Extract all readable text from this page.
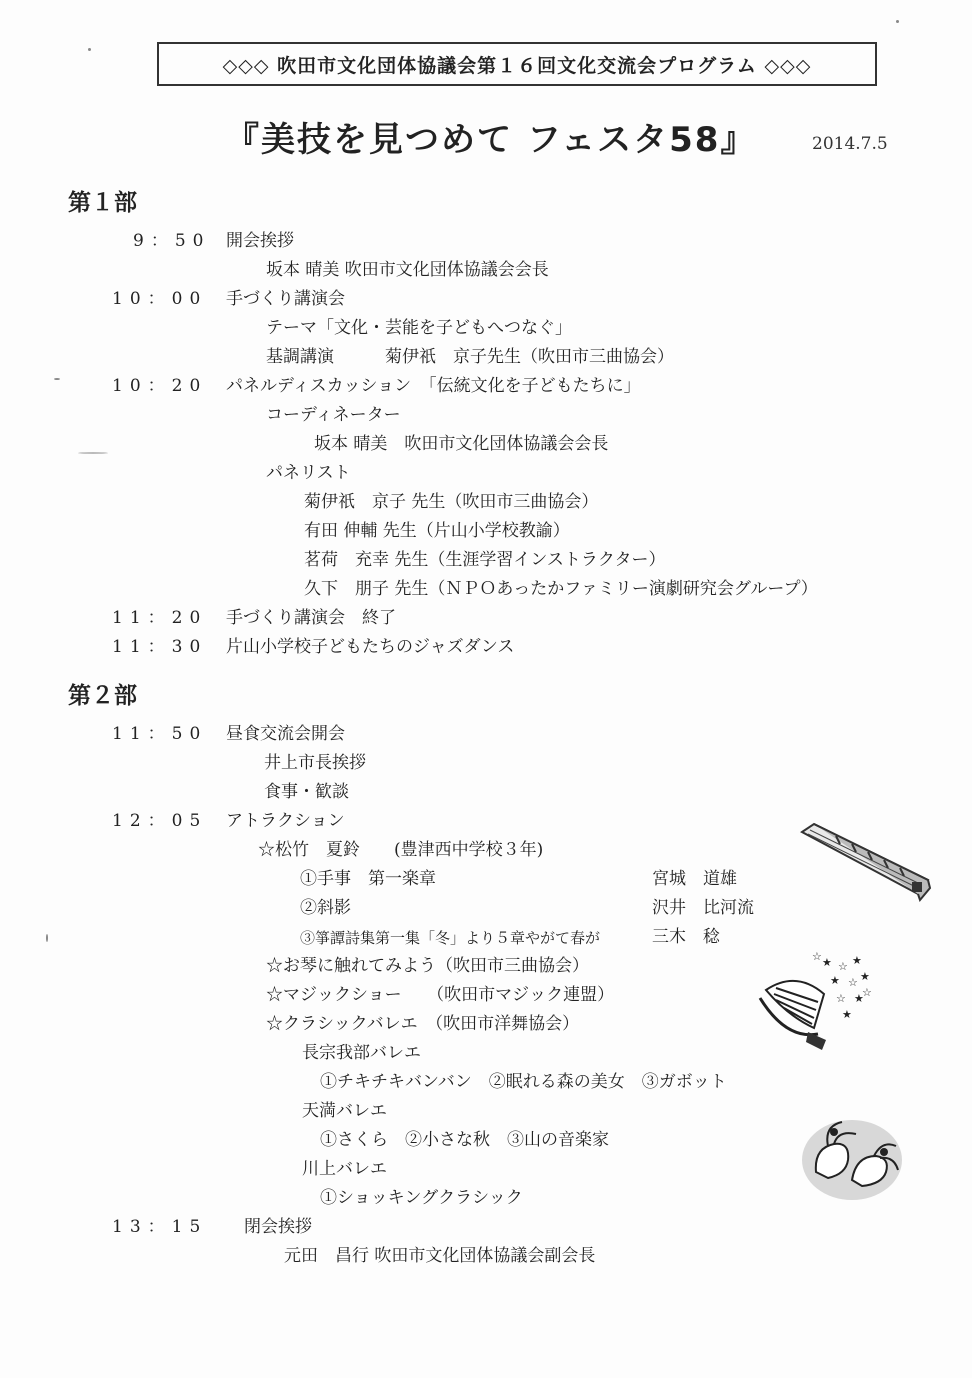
◇◇◇ 吹田市文化団体協議会第１６回文化交流会プログラム ◇◇◇
『美技を見つめて フェスタ58』	2014.7.5
第１部
9：50 開会挨拶
坂本 晴美 吹田市文化団体協議会会長
10：00 手づくり講演会
テーマ「文化・芸能を子どもへつなぐ」
基調講演　　　菊伊祇　京子先生（吹田市三曲協会）
10：20 パネルディスカッション　「伝統文化を子どもたちに」
コーディネーター
坂本 晴美　吹田市文化団体協議会会長
パネリスト
菊伊祇　京子 先生（吹田市三曲協会）
有田 伸輔 先生（片山小学校教諭）
茗荷　充幸 先生（生涯学習インストラクター）
久下　朋子 先生（ＮＰＯあったかファミリー演劇研究会グループ）
11：20 手づくり講演会　終了
11：30 片山小学校子どもたちのジャズダンス
第２部
11：50 昼食交流会開会
井上市長挨拶
食事・歓談
12：05 アトラクション
☆松竹　夏鈴　　(豊津西中学校３年)
①手事　第一楽章	宮城　道雄
②斜影	沢井　比河流
③箏譚詩集第一集「冬」より５章やがて春が	三木　稔
☆お琴に触れてみよう（吹田市三曲協会）
☆マジックショー　　（吹田市マジック連盟）
☆クラシックバレエ　（吹田市洋舞協会）
長宗我部バレエ
①チキチキバンバン　②眠れる森の美女　③ガボット
天満バレエ
①さくら　②小さな秋　③山の音楽家
川上バレエ
①ショッキングクラシック
13：15 閉会挨拶
元田　昌行 吹田市文化団体協議会副会長
★ ☆ ★
★ ☆ ★
☆ ★
★
☆
☆
